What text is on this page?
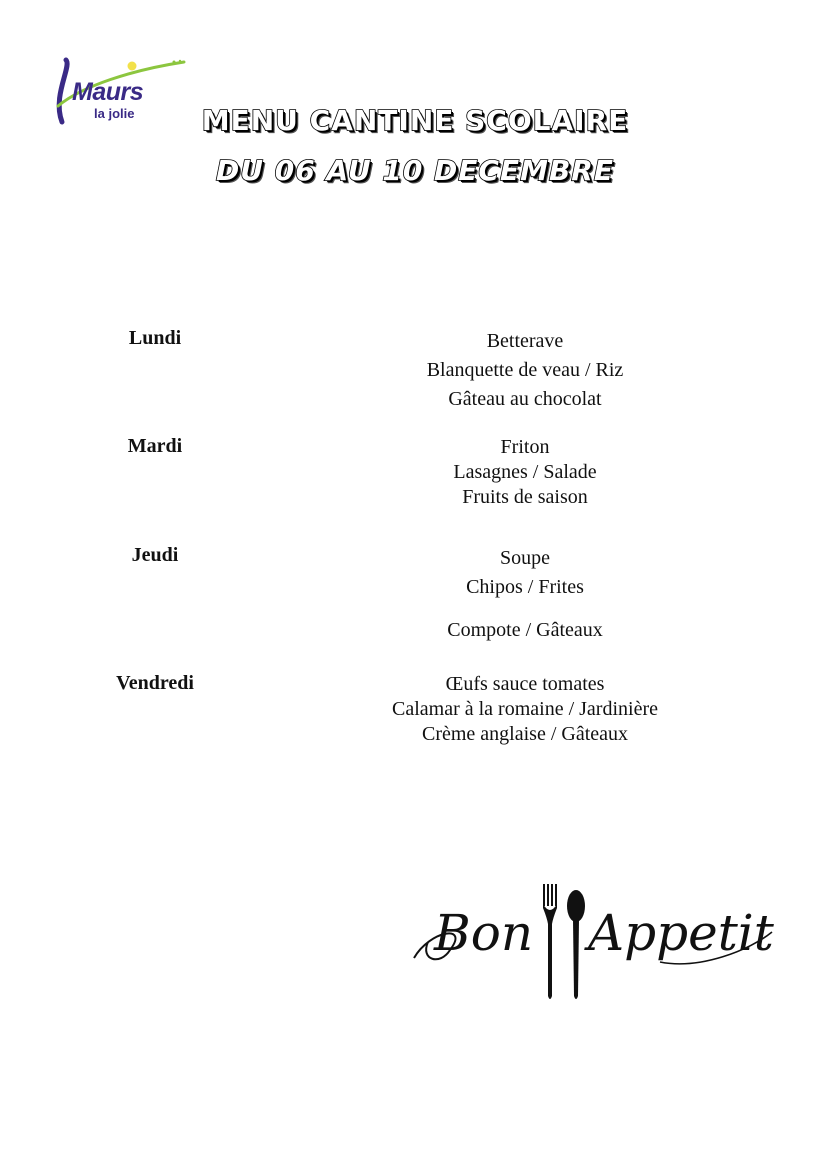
Maurs
la jolie	MENU CANTINE SCOLAIRE
DU 06 AU 10 DECEMBRE
Lundi	Betterave
Blanquette de veau / Riz
Gâteau au chocolat
Mardi	Friton
Lasagnes / Salade
Fruits de saison
Jeudi	Soupe
Chipos / Frites
Compote / Gâteaux
Vendredi	Œufs sauce tomates
Calamar à la romaine / Jardinière
Crème anglaise / Gâteaux
Bon Appetit
